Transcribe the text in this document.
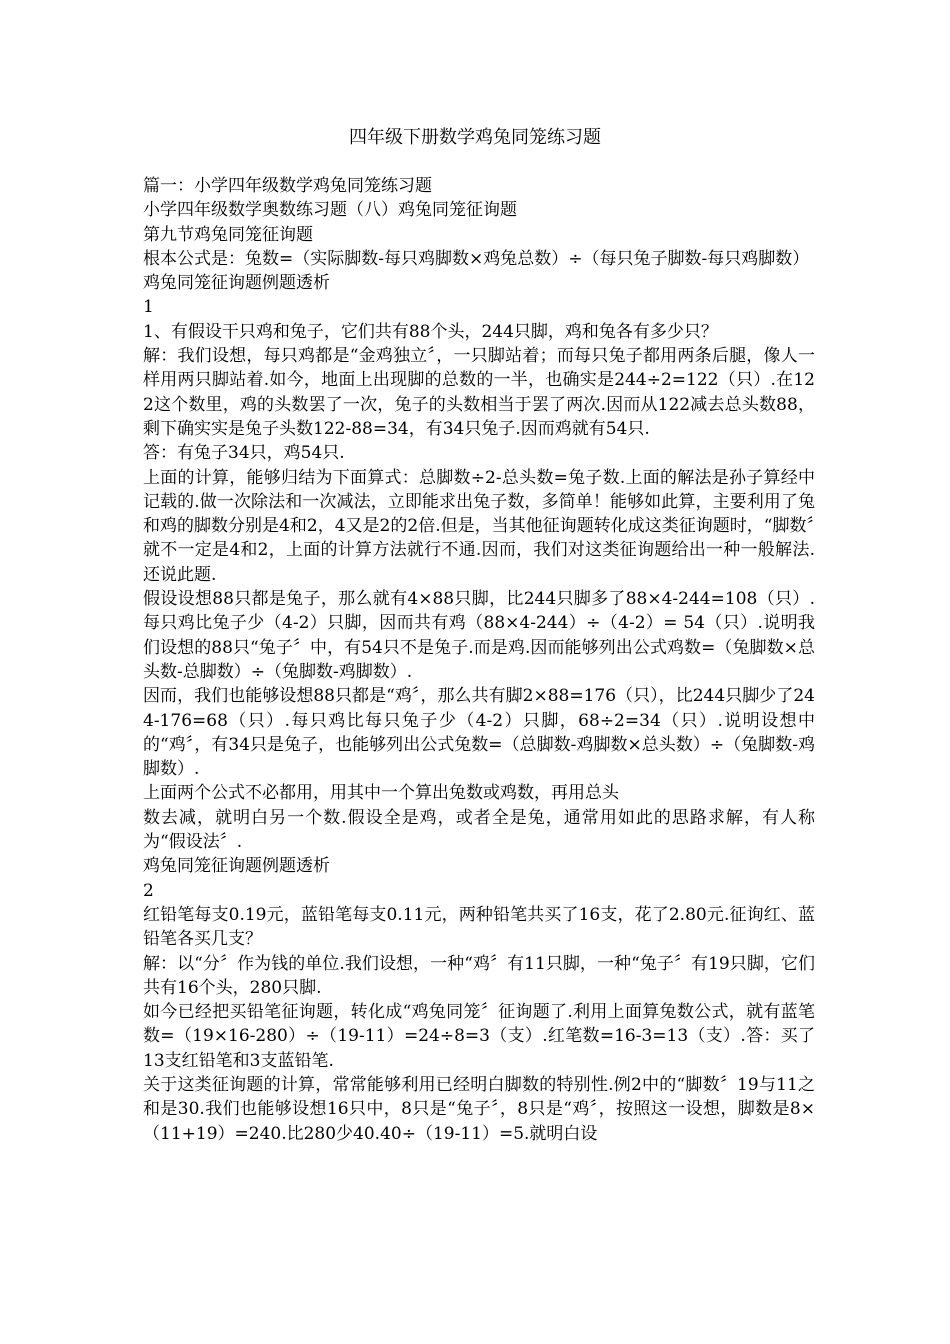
四年级下册数学鸡兔同笼练习题

篇一：小学四年级数学鸡兔同笼练习题

小学四年级数学奥数练习题（八）鸡兔同笼征询题

第九节鸡兔同笼征询题

根本公式是：兔数=（实际脚数-每只鸡脚数×鸡兔总数）÷（每只兔子脚数-每只鸡脚数）

鸡兔同笼征询题例题透析

1

1、有假设干只鸡和兔子，它们共有88个头，244只脚，鸡和兔各有多少只？

解：我们设想，每只鸡都是“金鸡独立〞，一只脚站着；而每只兔子都用两条后腿，像人一样用两只脚站着.如今，地面上出现脚的总数的一半，也确实是244÷2=122（只）.在122这个数里，鸡的头数罢了一次，兔子的头数相当于罢了两次.因而从122减去总头数88，剩下确实实是兔子头数122-88=34，有34只兔子.因而鸡就有54只.

答：有兔子34只，鸡54只.

上面的计算，能够归结为下面算式：总脚数÷2-总头数=兔子数.上面的解法是孙子算经中记载的.做一次除法和一次减法，立即能求出兔子数，多简单！能够如此算，主要利用了兔和鸡的脚数分别是4和2，4又是2的2倍.但是，当其他征询题转化成这类征询题时，“脚数〞就不一定是4和2，上面的计算方法就行不通.因而，我们对这类征询题给出一种一般解法.还说此题.

假设设想88只都是兔子，那么就有4×88只脚，比244只脚多了88×4-244=108（只）.每只鸡比兔子少（4-2）只脚，因而共有鸡（88×4-244）÷（4-2）= 54（只）.说明我们设想的88只“兔子〞中，有54只不是兔子.而是鸡.因而能够列出公式鸡数=（兔脚数×总头数-总脚数）÷（兔脚数-鸡脚数）.

因而，我们也能够设想88只都是“鸡〞，那么共有脚2×88=176（只），比244只脚少了244-176=68（只）.每只鸡比每只兔子少（4-2）只脚，68÷2=34（只）.说明设想中的“鸡〞，有34只是兔子，也能够列出公式兔数=（总脚数-鸡脚数×总头数）÷（兔脚数-鸡脚数）.

上面两个公式不必都用，用其中一个算出兔数或鸡数，再用总头

数去减，就明白另一个数.假设全是鸡，或者全是兔，通常用如此的思路求解，有人称为“假设法〞.

鸡兔同笼征询题例题透析

2

红铅笔每支0.19元，蓝铅笔每支0.11元，两种铅笔共买了16支，花了2.80元.征询红、蓝铅笔各买几支？

解：以“分〞作为钱的单位.我们设想，一种“鸡〞有11只脚，一种“兔子〞有19只脚，它们共有16个头，280只脚.

如今已经把买铅笔征询题，转化成“鸡兔同笼〞征询题了.利用上面算兔数公式，就有蓝笔数=（19×16-280）÷（19-11）=24÷8=3（支）.红笔数=16-3=13（支）.答：买了13支红铅笔和3支蓝铅笔.

关于这类征询题的计算，常常能够利用已经明白脚数的特别性.例2中的“脚数〞19与11之和是30.我们也能够设想16只中，8只是“兔子〞，8只是“鸡〞，按照这一设想，脚数是8×（11+19）=240.比280少40.40÷（19-11）=5.就明白设
